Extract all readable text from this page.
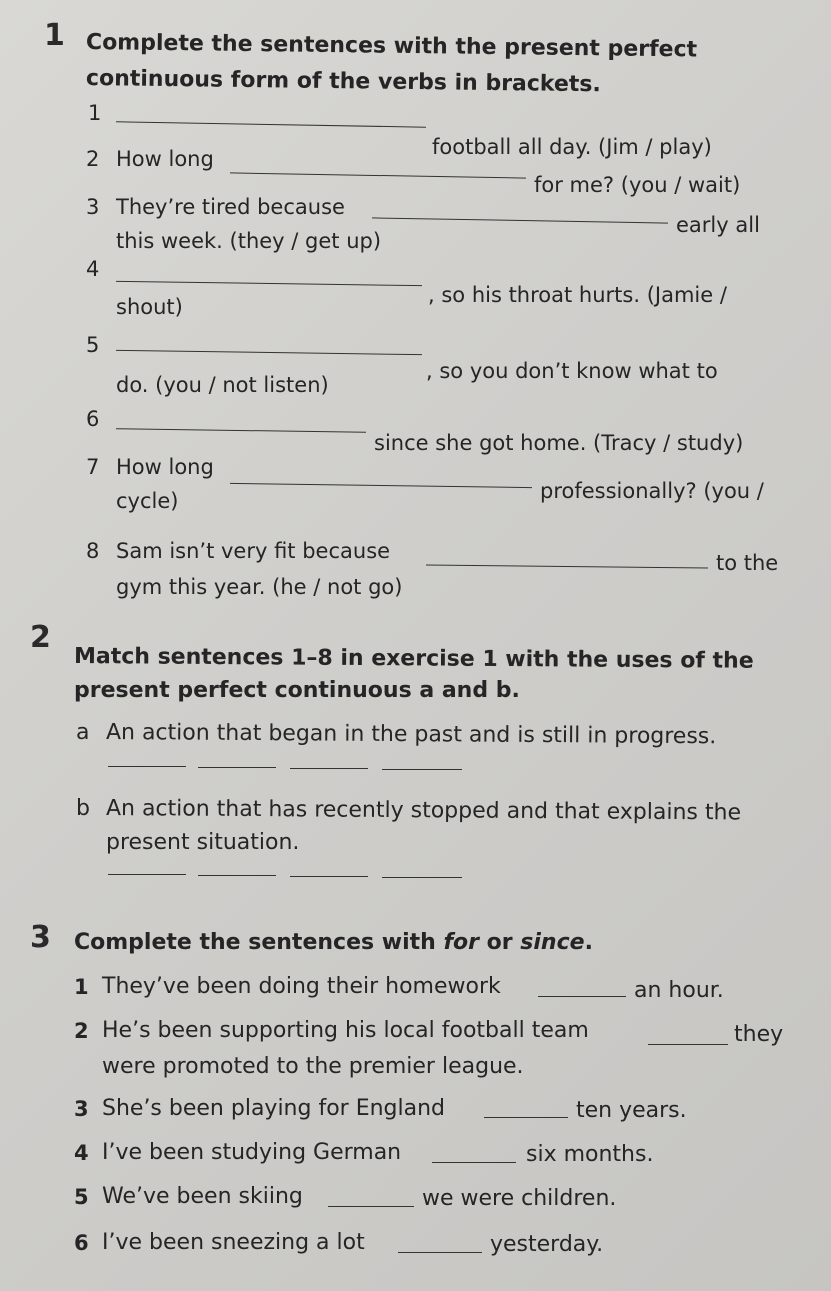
1 Complete the sentences with the present perfect
continuous form of the verbs in brackets.
1
football all day. (Jim / play)
2 How long
for me? (you / wait)
3 They’re tired because
early all
this week. (they / get up)
4
, so his throat hurts. (Jamie /
shout)
5
, so you don’t know what to
do. (you / not listen)
6
since she got home. (Tracy / study)
7 How long
professionally? (you /
cycle)
8 Sam isn’t very fit because	to the
gym this year. (he / not go)
2
Match sentences 1–8 in exercise 1 with the uses of the
present perfect continuous a and b.
a An action that began in the past and is still in progress.
b An action that has recently stopped and that explains the
present situation.
3 Complete the sentences with for or since.
1 They’ve been doing their homework	an hour.
2 He’s been supporting his local football team	they
were promoted to the premier league.
3 She’s been playing for England	ten years.
4 I’ve been studying German	six months.
5 We’ve been skiing	we were children.
6 I’ve been sneezing a lot	yesterday.
